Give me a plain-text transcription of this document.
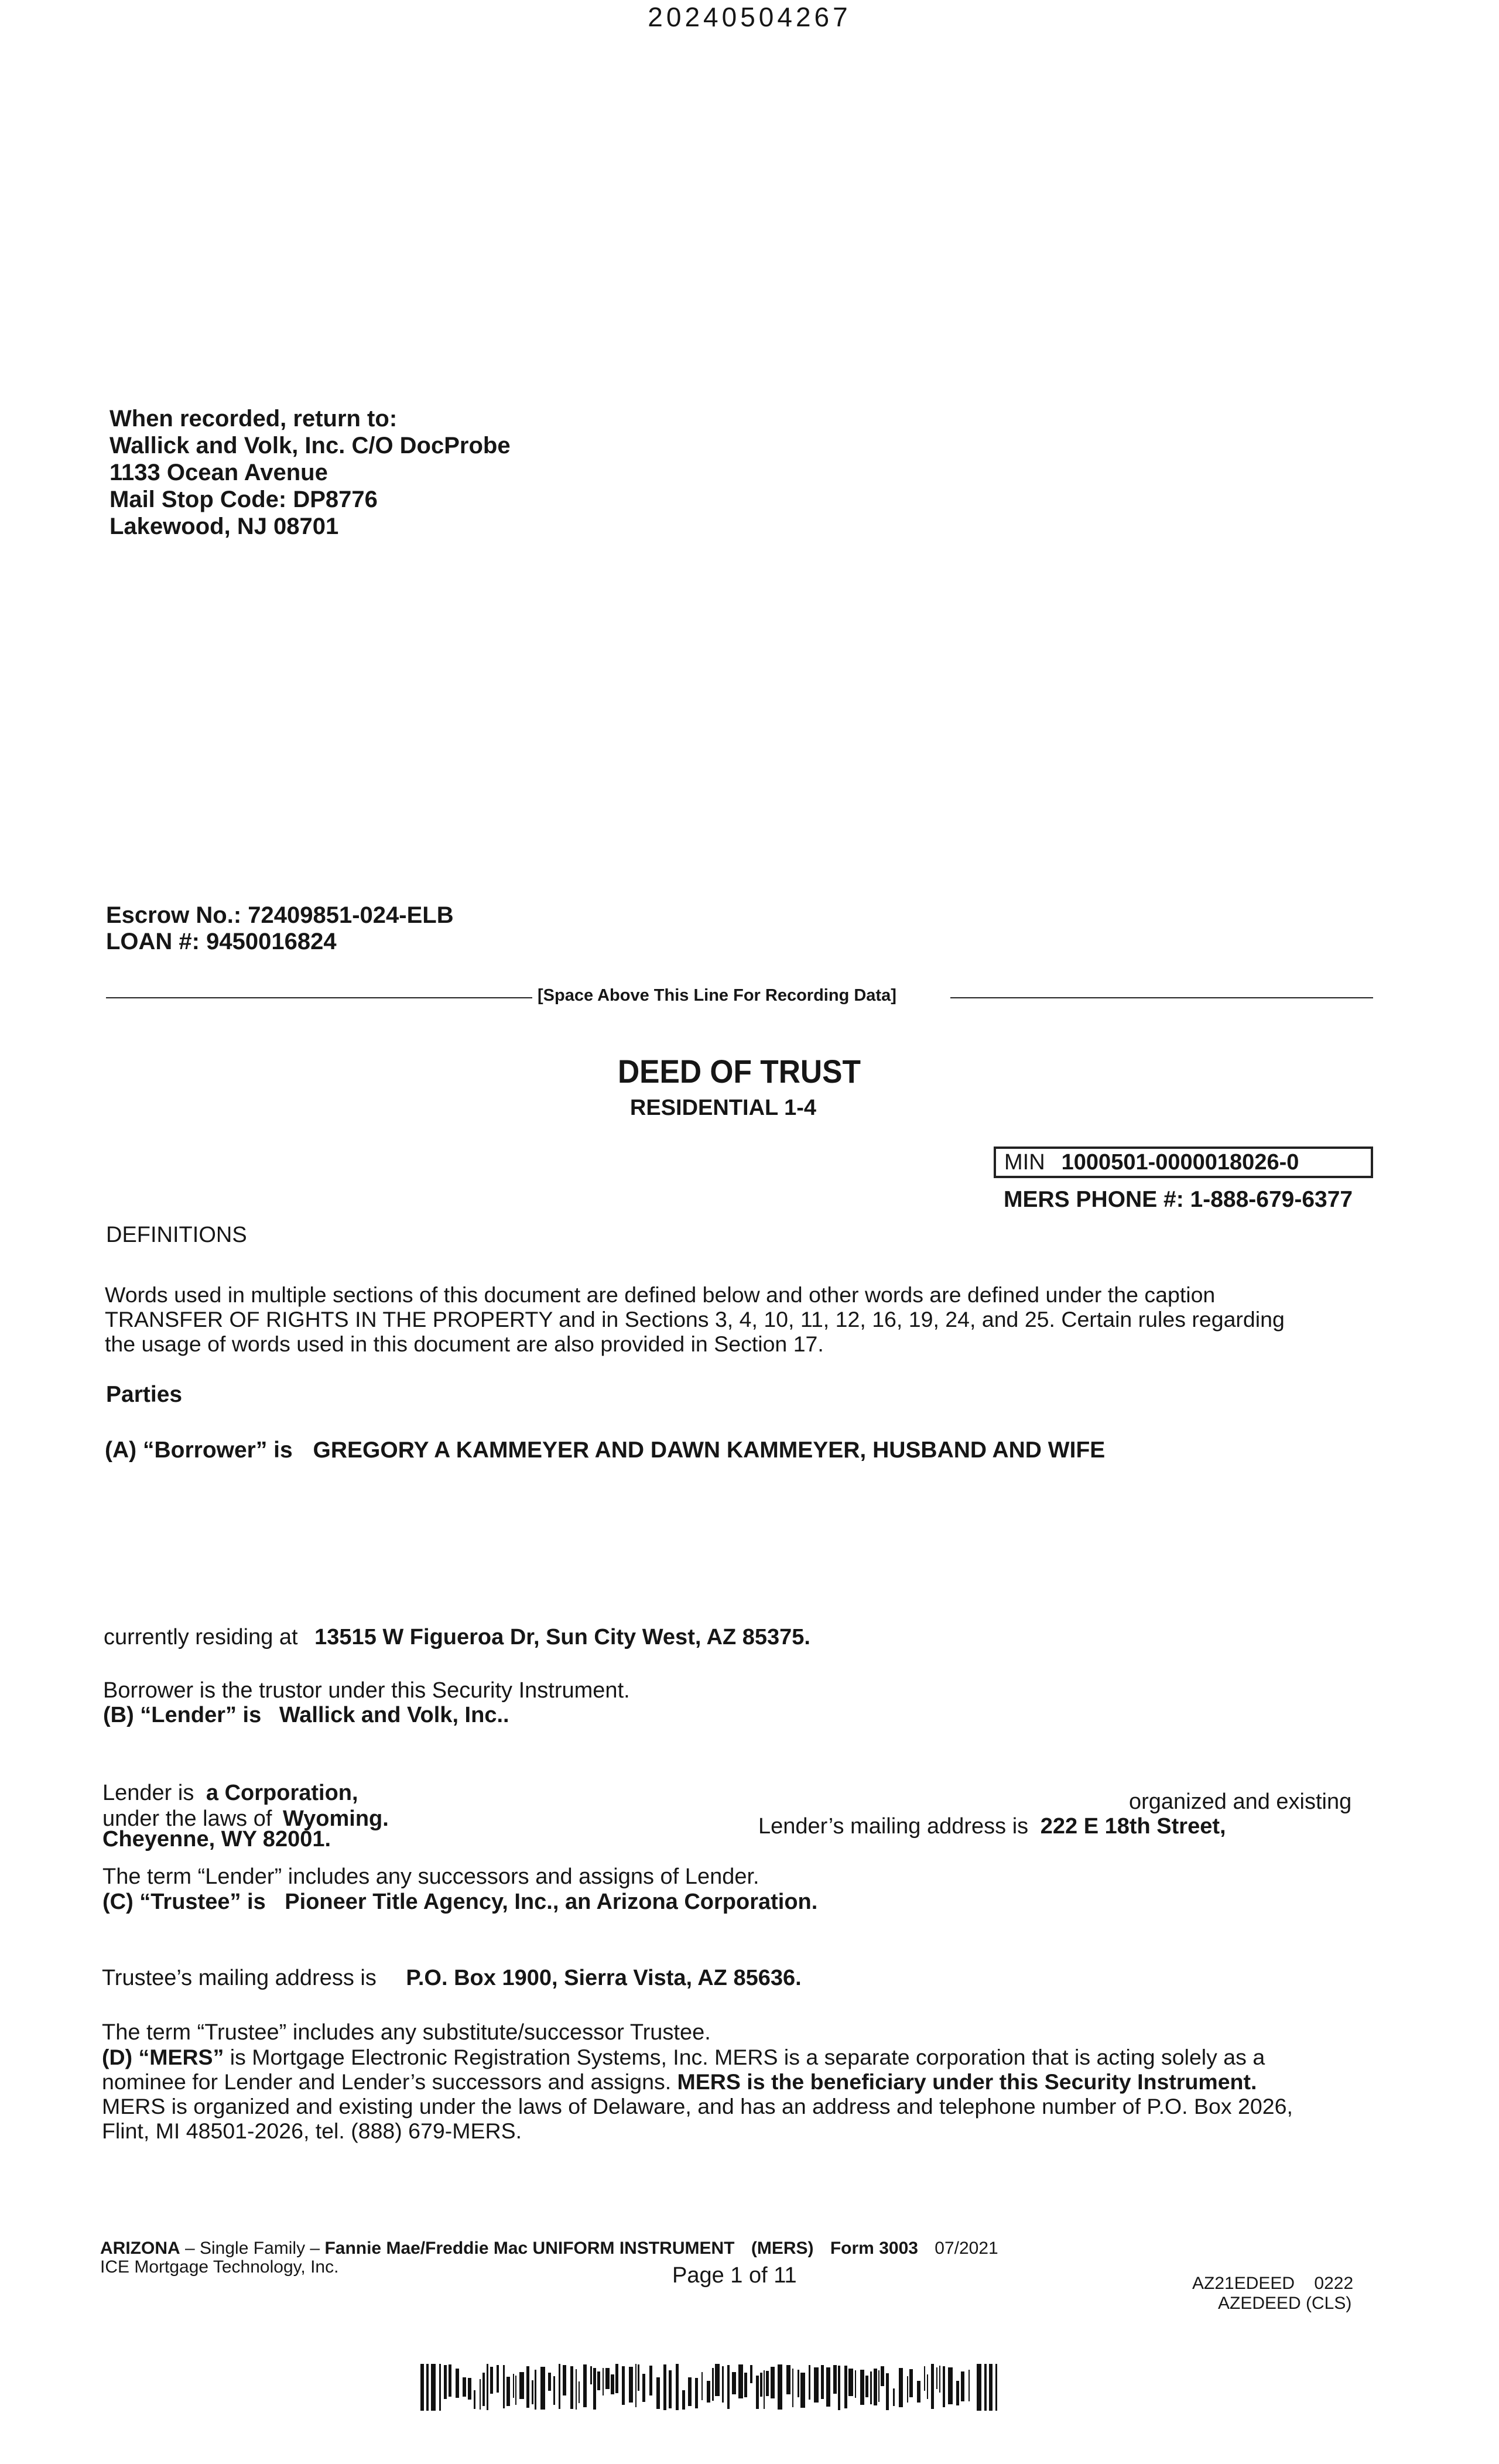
20240504267
When recorded, return to:
Wallick and Volk, Inc. C/O DocProbe
1133 Ocean Avenue
Mail Stop Code: DP8776
Lakewood, NJ 08701
Escrow No.: 72409851-024-ELB
LOAN #: 9450016824
[Space Above This Line For Recording Data]
DEED OF TRUST
RESIDENTIAL 1-4
MIN 1000501-0000018026-0
MERS PHONE #: 1-888-679-6377
DEFINITIONS
Words used in multiple sections of this document are defined below and other words are defined under the caption
TRANSFER OF RIGHTS IN THE PROPERTY and in Sections 3, 4, 10, 11, 12, 16, 19, 24, and 25. Certain rules regarding
the usage of words used in this document are also provided in Section 17.
Parties
(A) “Borrower” is GREGORY A KAMMEYER AND DAWN KAMMEYER, HUSBAND AND WIFE
currently residing at 13515 W Figueroa Dr, Sun City West, AZ 85375.
Borrower is the trustor under this Security Instrument.
(B) “Lender” is Wallick and Volk, Inc..
Lender is a Corporation,	organized and existing
under the laws of Wyoming.	Lender’s mailing address is 222 E 18th Street,
Cheyenne, WY 82001.
The term “Lender” includes any successors and assigns of Lender.
(C) “Trustee” is Pioneer Title Agency, Inc., an Arizona Corporation.
Trustee’s mailing address is P.O. Box 1900, Sierra Vista, AZ 85636.
The term “Trustee” includes any substitute/successor Trustee.
(D) “MERS” is Mortgage Electronic Registration Systems, Inc. MERS is a separate corporation that is acting solely as a
nominee for Lender and Lender’s successors and assigns. MERS is the beneficiary under this Security Instrument.
MERS is organized and existing under the laws of Delaware, and has an address and telephone number of P.O. Box 2026,
Flint, MI 48501-2026, tel. (888) 679-MERS.
ARIZONA – Single Family – Fannie Mae/Freddie Mac UNIFORM INSTRUMENT (MERS) Form 3003 07/2021
ICE Mortgage Technology, Inc.	Page 1 of 11	AZ21EDEED    0222
AZEDEED (CLS)
